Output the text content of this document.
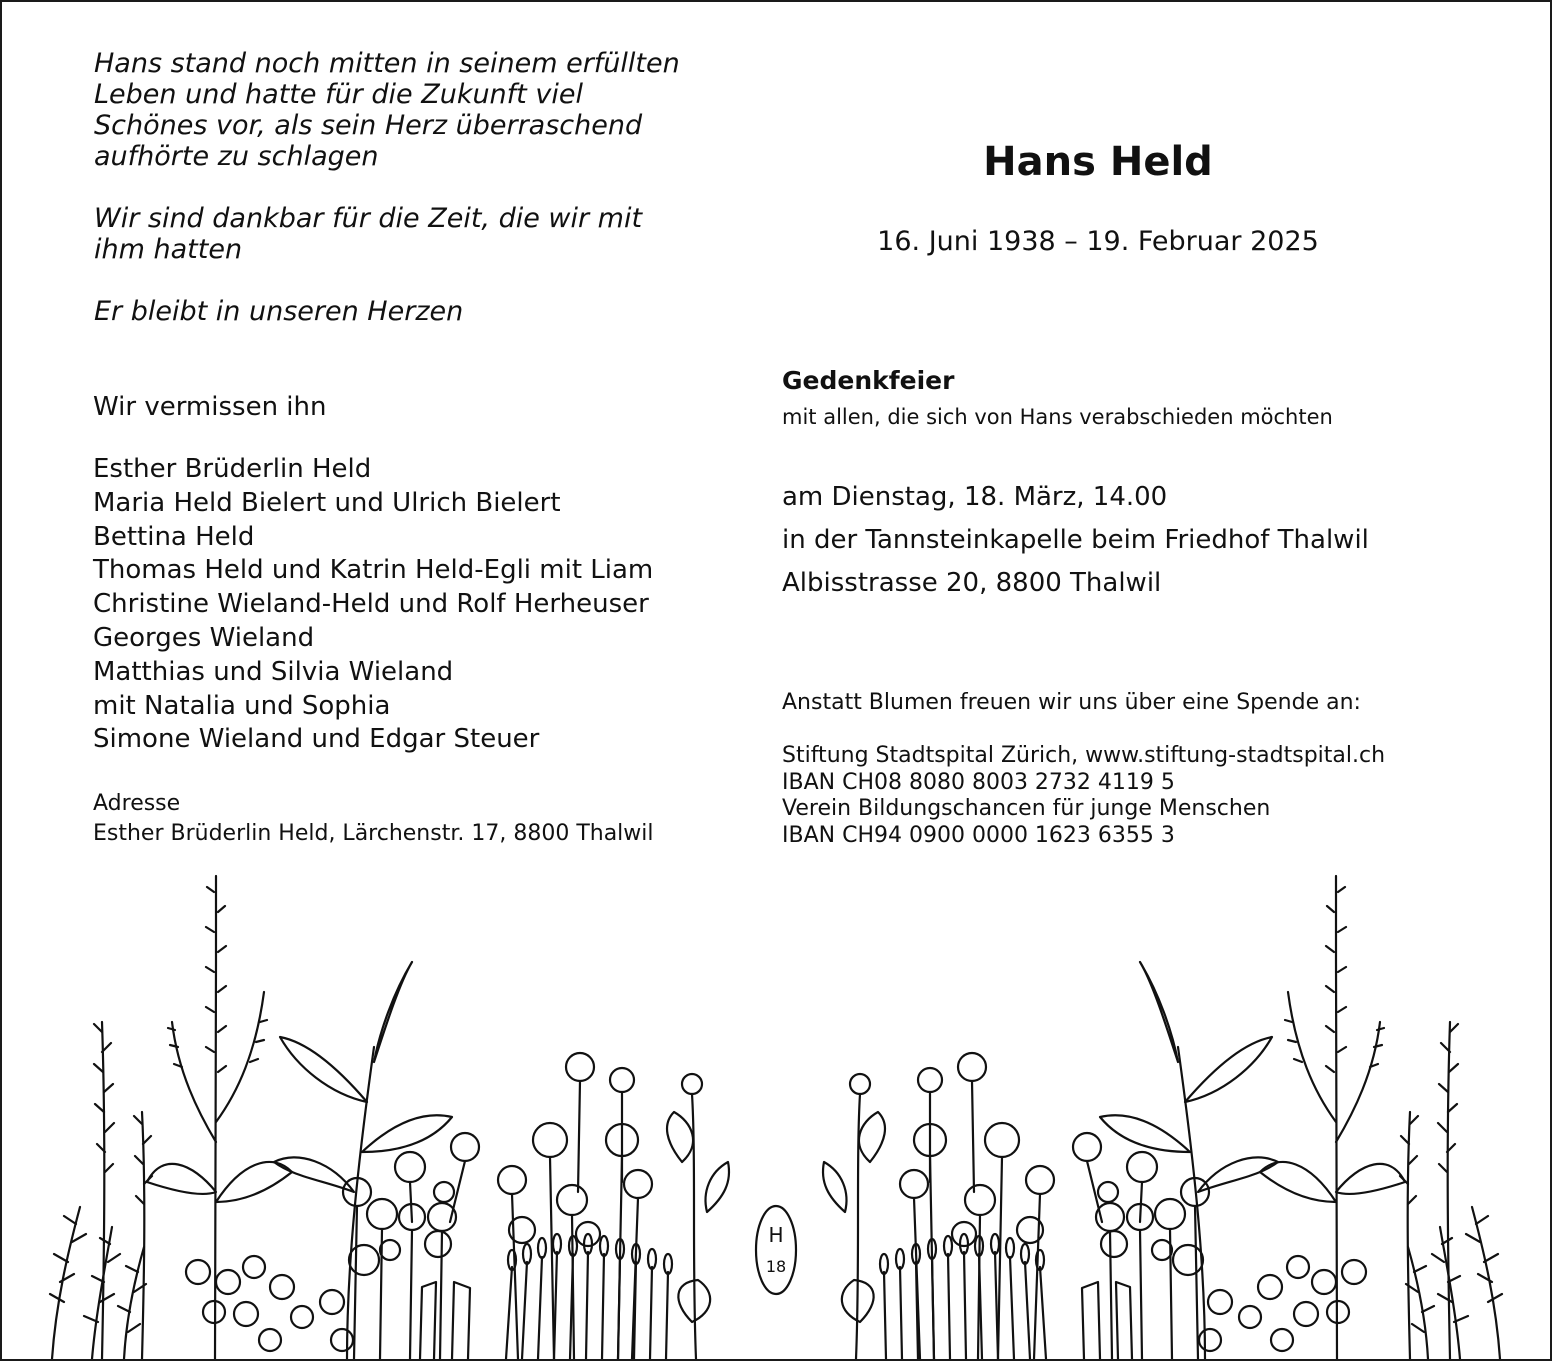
Hans stand noch mitten in seinem erfüllten

Leben und hatte für die Zukunft viel

Schönes vor, als sein Herz überraschend

aufhörte zu schlagen

Wir sind dankbar für die Zeit, die wir mit

ihm hatten

Er bleibt in unseren Herzen

Wir vermissen ihn
Esther Brüderlin Held
Maria Held Bielert und Ulrich Bielert
Bettina Held
Thomas Held und Katrin Held-Egli mit Liam
Christine Wieland-Held und Rolf Herheuser
Georges Wieland
Matthias und Silvia Wieland
mit Natalia und Sophia
Simone Wieland und Edgar Steuer
Adresse
Esther Brüderlin Held, Lärchenstr. 17, 8800 Thalwil
Hans Held
16. Juni 1938 – 19. Februar 2025
Gedenkfeier
mit allen, die sich von Hans verabschieden möchten
am Dienstag, 18. März, 14.00
in der Tannsteinkapelle beim Friedhof Thalwil
Albisstrasse 20, 8800 Thalwil
Anstatt Blumen freuen wir uns über eine Spende an:
Stiftung Stadtspital Zürich, www.stiftung-stadtspital.ch
IBAN CH08 8080 8003 2732 4119 5
Verein Bildungschancen für junge Menschen
IBAN CH94 0900 0000 1623 6355 3
H
18
